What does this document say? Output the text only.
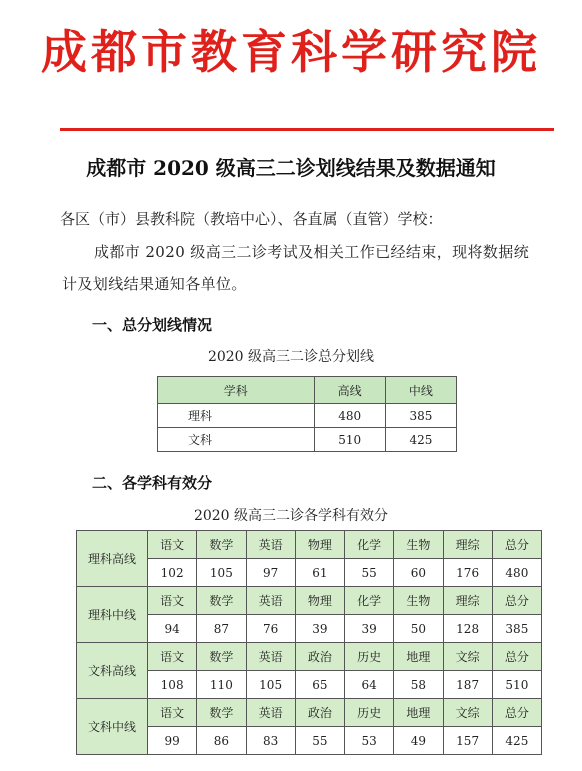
成都市教育科学研究院
成都市 2020 级高三二诊划线结果及数据通知
各区（市）县教科院（教培中心）、各直属（直管）学校：
成都市 2020 级高三二诊考试及相关工作已经结束，现将数据统计及划线结果通知各单位。
一、总分划线情况
2020 级高三二诊总分划线
学科	高线	中线
理科	480	385
文科	510	425
二、各学科有效分
2020 级高三二诊各学科有效分
理科高线	语文	数学	英语	物理	化学	生物	理综	总分
	102	105	97	61	55	60	176	480
理科中线	语文	数学	英语	物理	化学	生物	理综	总分
	94	87	76	39	39	50	128	385
文科高线	语文	数学	英语	政治	历史	地理	文综	总分
	108	110	105	65	64	58	187	510
文科中线	语文	数学	英语	政治	历史	地理	文综	总分
	99	86	83	55	53	49	157	425
